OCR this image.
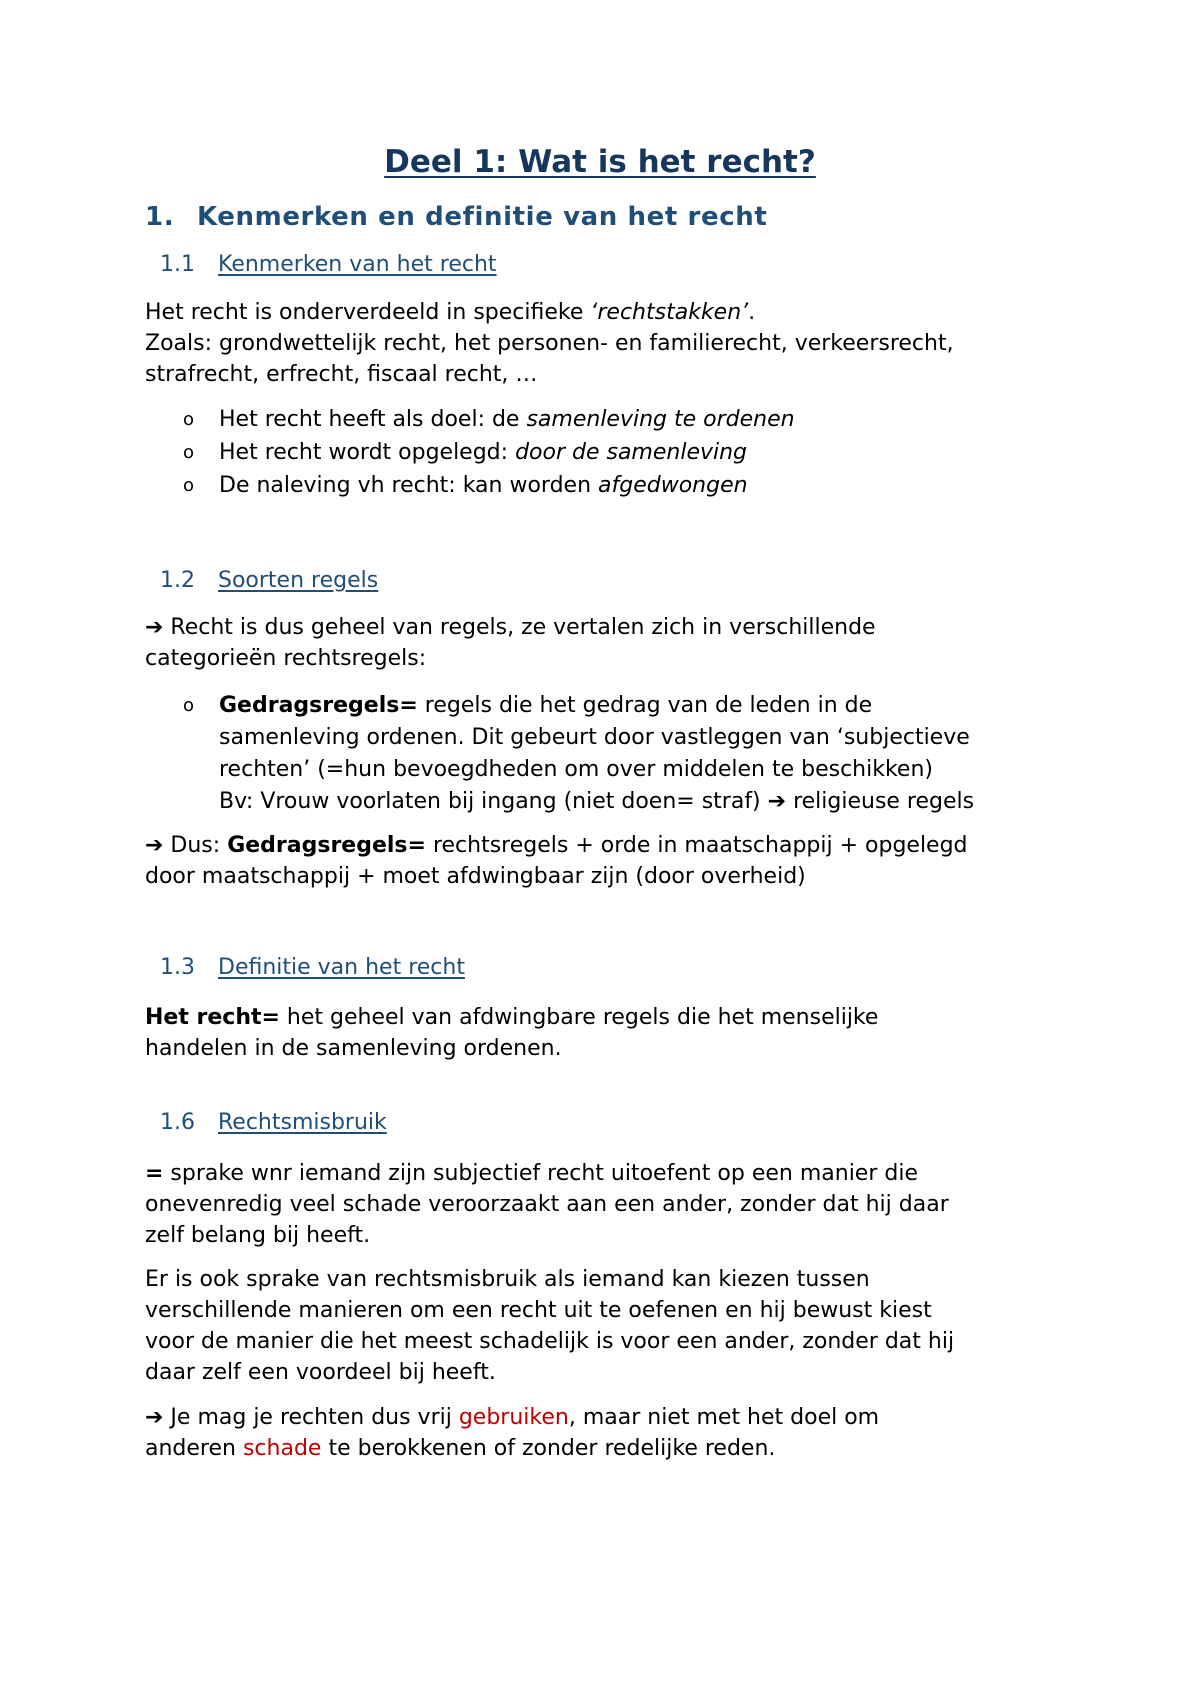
Deel 1: Wat is het recht?
1. Kenmerken en definitie van het recht
1.1 Kenmerken van het recht

Het recht is onderverdeeld in specifieke ‘rechtstakken’.
Zoals: grondwettelijk recht, het personen- en familierecht, verkeersrecht,
strafrecht, erfrecht, fiscaal recht, …

o Het recht heeft als doel: de samenleving te ordenen
o Het recht wordt opgelegd: door de samenleving
o De naleving vh recht: kan worden afgedwongen
1.2 Soorten regels

➔ Recht is dus geheel van regels, ze vertalen zich in verschillende
categorieën rechtsregels:

o Gedragsregels= regels die het gedrag van de leden in de
samenleving ordenen. Dit gebeurt door vastleggen van ‘subjectieve
rechten’ (=hun bevoegdheden om over middelen te beschikken)
Bv: Vrouw voorlaten bij ingang (niet doen= straf) ➔ religieuse regels

➔ Dus: Gedragsregels= rechtsregels + orde in maatschappij + opgelegd
door maatschappij + moet afdwingbaar zijn (door overheid)

1.3 Definitie van het recht

Het recht= het geheel van afdwingbare regels die het menselijke
handelen in de samenleving ordenen.

1.6 Rechtsmisbruik

= sprake wnr iemand zijn subjectief recht uitoefent op een manier die
onevenredig veel schade veroorzaakt aan een ander, zonder dat hij daar
zelf belang bij heeft.

Er is ook sprake van rechtsmisbruik als iemand kan kiezen tussen
verschillende manieren om een recht uit te oefenen en hij bewust kiest
voor de manier die het meest schadelijk is voor een ander, zonder dat hij
daar zelf een voordeel bij heeft.

➔ Je mag je rechten dus vrij gebruiken, maar niet met het doel om
anderen schade te berokkenen of zonder redelijke reden.
